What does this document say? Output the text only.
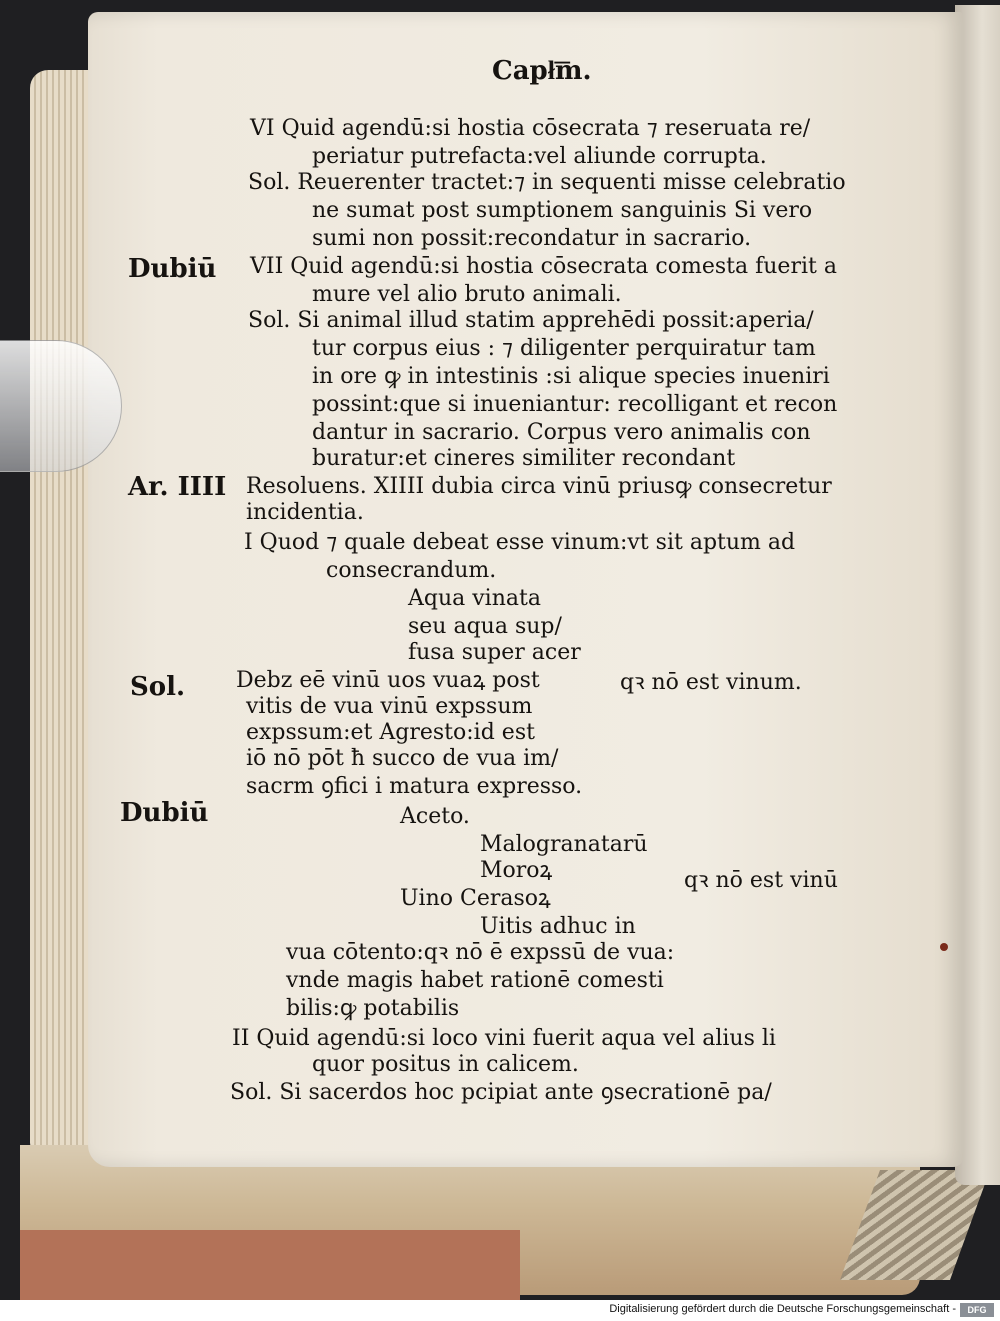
Capł͞m.
VI Quid agendū:si hostia cōsecrata ⁊ reseruata re/
periatur putrefacta:vel aliunde corrupta.
Sol. Reuerenter tractet:⁊ in sequenti misse celebratio
ne sumat post sumptionem sanguinis Si vero
sumi non possit:recondatur in sacrario.
VII Quid agendū:si hostia cōsecrata comesta fuerit a
mure vel alio bruto animali.
Sol. Si animal illud statim apprehēdi possit:aperia/
tur corpus eius : ⁊ diligenter perquiratur tam
in ore ꝙ in intestinis :si alique species inueniri
possint:que si inueniantur: recolligant et recon
dantur in sacrario. Corpus vero animalis con
buratur:et cineres similiter recondant
Resoluens. XIIII dubia circa vinū priusꝙ consecretur
incidentia.
I Quod ⁊ quale debeat esse vinum:vt sit aptum ad
consecrandum.
Aqua vinata
seu aqua sup/
fusa super acer
Debz eē vinū uos vuaꝝ post	qꝛ nō est vinum.
vitis de vua vinū expssum
expssum:et Agresto:id est
iō nō pōt ħ succo de vua im/
sacrm ꝯfici i matura expresso.
Aceto.
Malogranatarū
Moroꝝ	qꝛ nō est vinū
Uino Cerasoꝝ
Uitis adhuc in
vua cōtento:qꝛ nō ē expssū de vua:
vnde magis habet rationē comesti
bilis:ꝙ potabilis
II Quid agendū:si loco vini fuerit aqua vel alius li
quor positus in calicem.
Sol. Si sacerdos hoc pcipiat ante ꝯsecrationē pa/
Dubiū
Ar. IIII
Sol.
Dubiū
Digitalisierung gefördert durch die Deutsche Forschungsgemeinschaft -	DFG
